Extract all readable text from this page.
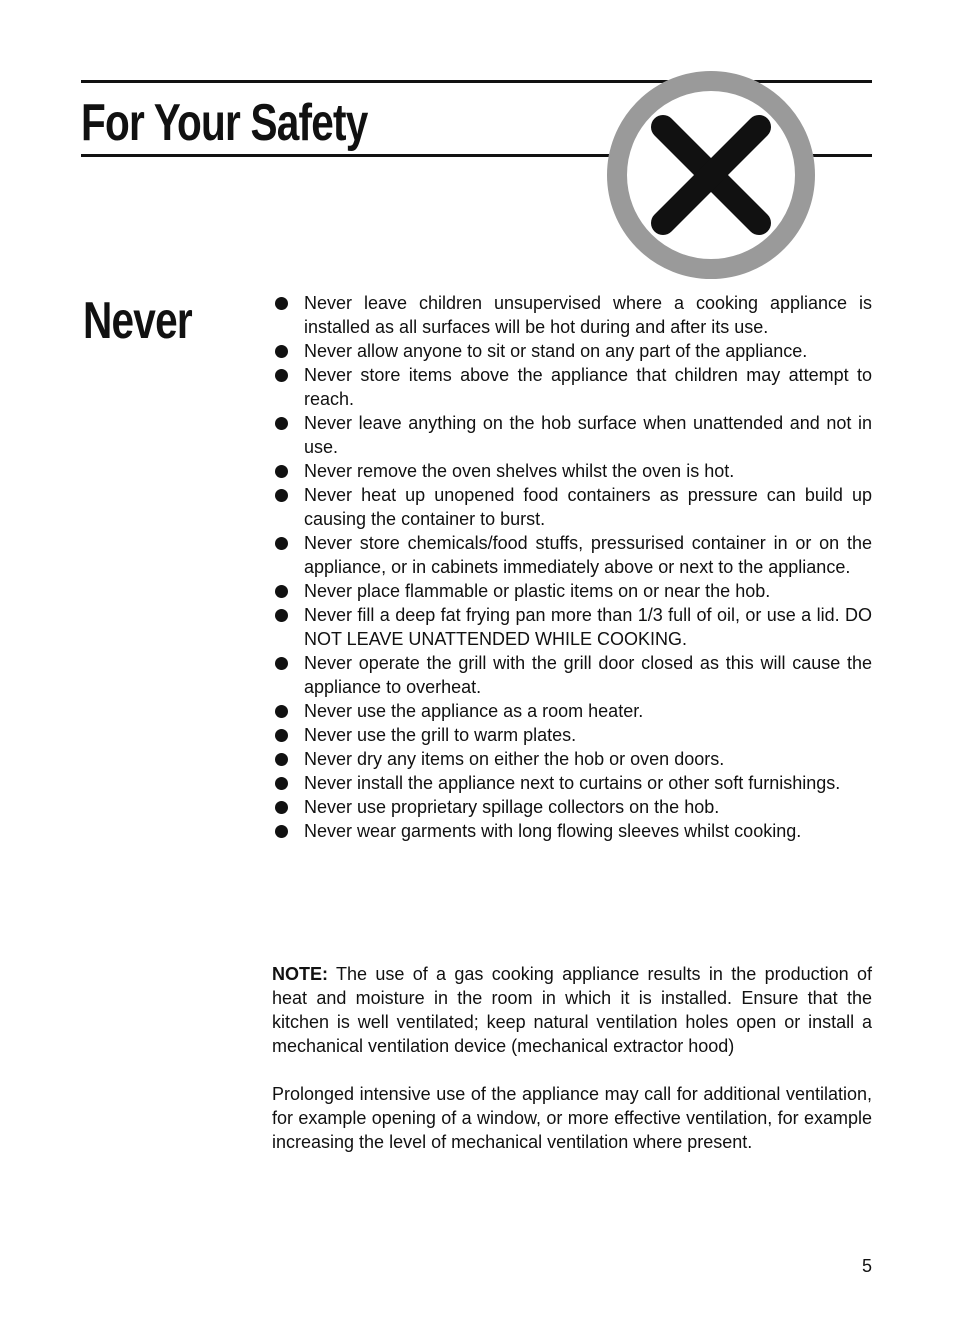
For Your Safety
Never	Never leave children unsupervised where a cooking appliance is installed as all surfaces will be hot during and after its use.
Never allow anyone to sit or stand on any part of the appliance.
Never store items above the appliance that children may attempt to reach.
Never leave anything on the hob surface when unattended and not in use.
Never remove the oven shelves whilst the oven is hot.
Never heat up unopened food containers as pressure can build up causing the container to burst.
Never store chemicals/food stuffs, pressurised container in or on the appliance, or in cabinets immediately above or next to the appliance.
Never place flammable or plastic items on or near the hob.
Never fill a deep fat frying pan more than 1/3 full of oil, or use a lid. DO NOT LEAVE UNATTENDED WHILE COOKING.
Never operate the grill with the grill door closed as this will cause the appliance to overheat.
Never use the appliance as a room heater.
Never use the grill to warm plates.
Never dry any items on either the hob or oven doors.
Never install the appliance next to curtains or other soft furnishings.
Never use proprietary spillage collectors on the hob.
Never wear garments with long flowing sleeves whilst cooking.

NOTE: The use of a gas cooking appliance results in the production of heat and moisture in the room in which it is installed. Ensure that the kitchen is well ventilated; keep natural ventilation holes open or install a mechanical ventilation device (mechanical extractor hood)

Prolonged intensive use of the appliance may call for additional ventilation, for example opening of a window, or more effective ventilation, for example increasing the level of mechanical ventilation where present.

5
